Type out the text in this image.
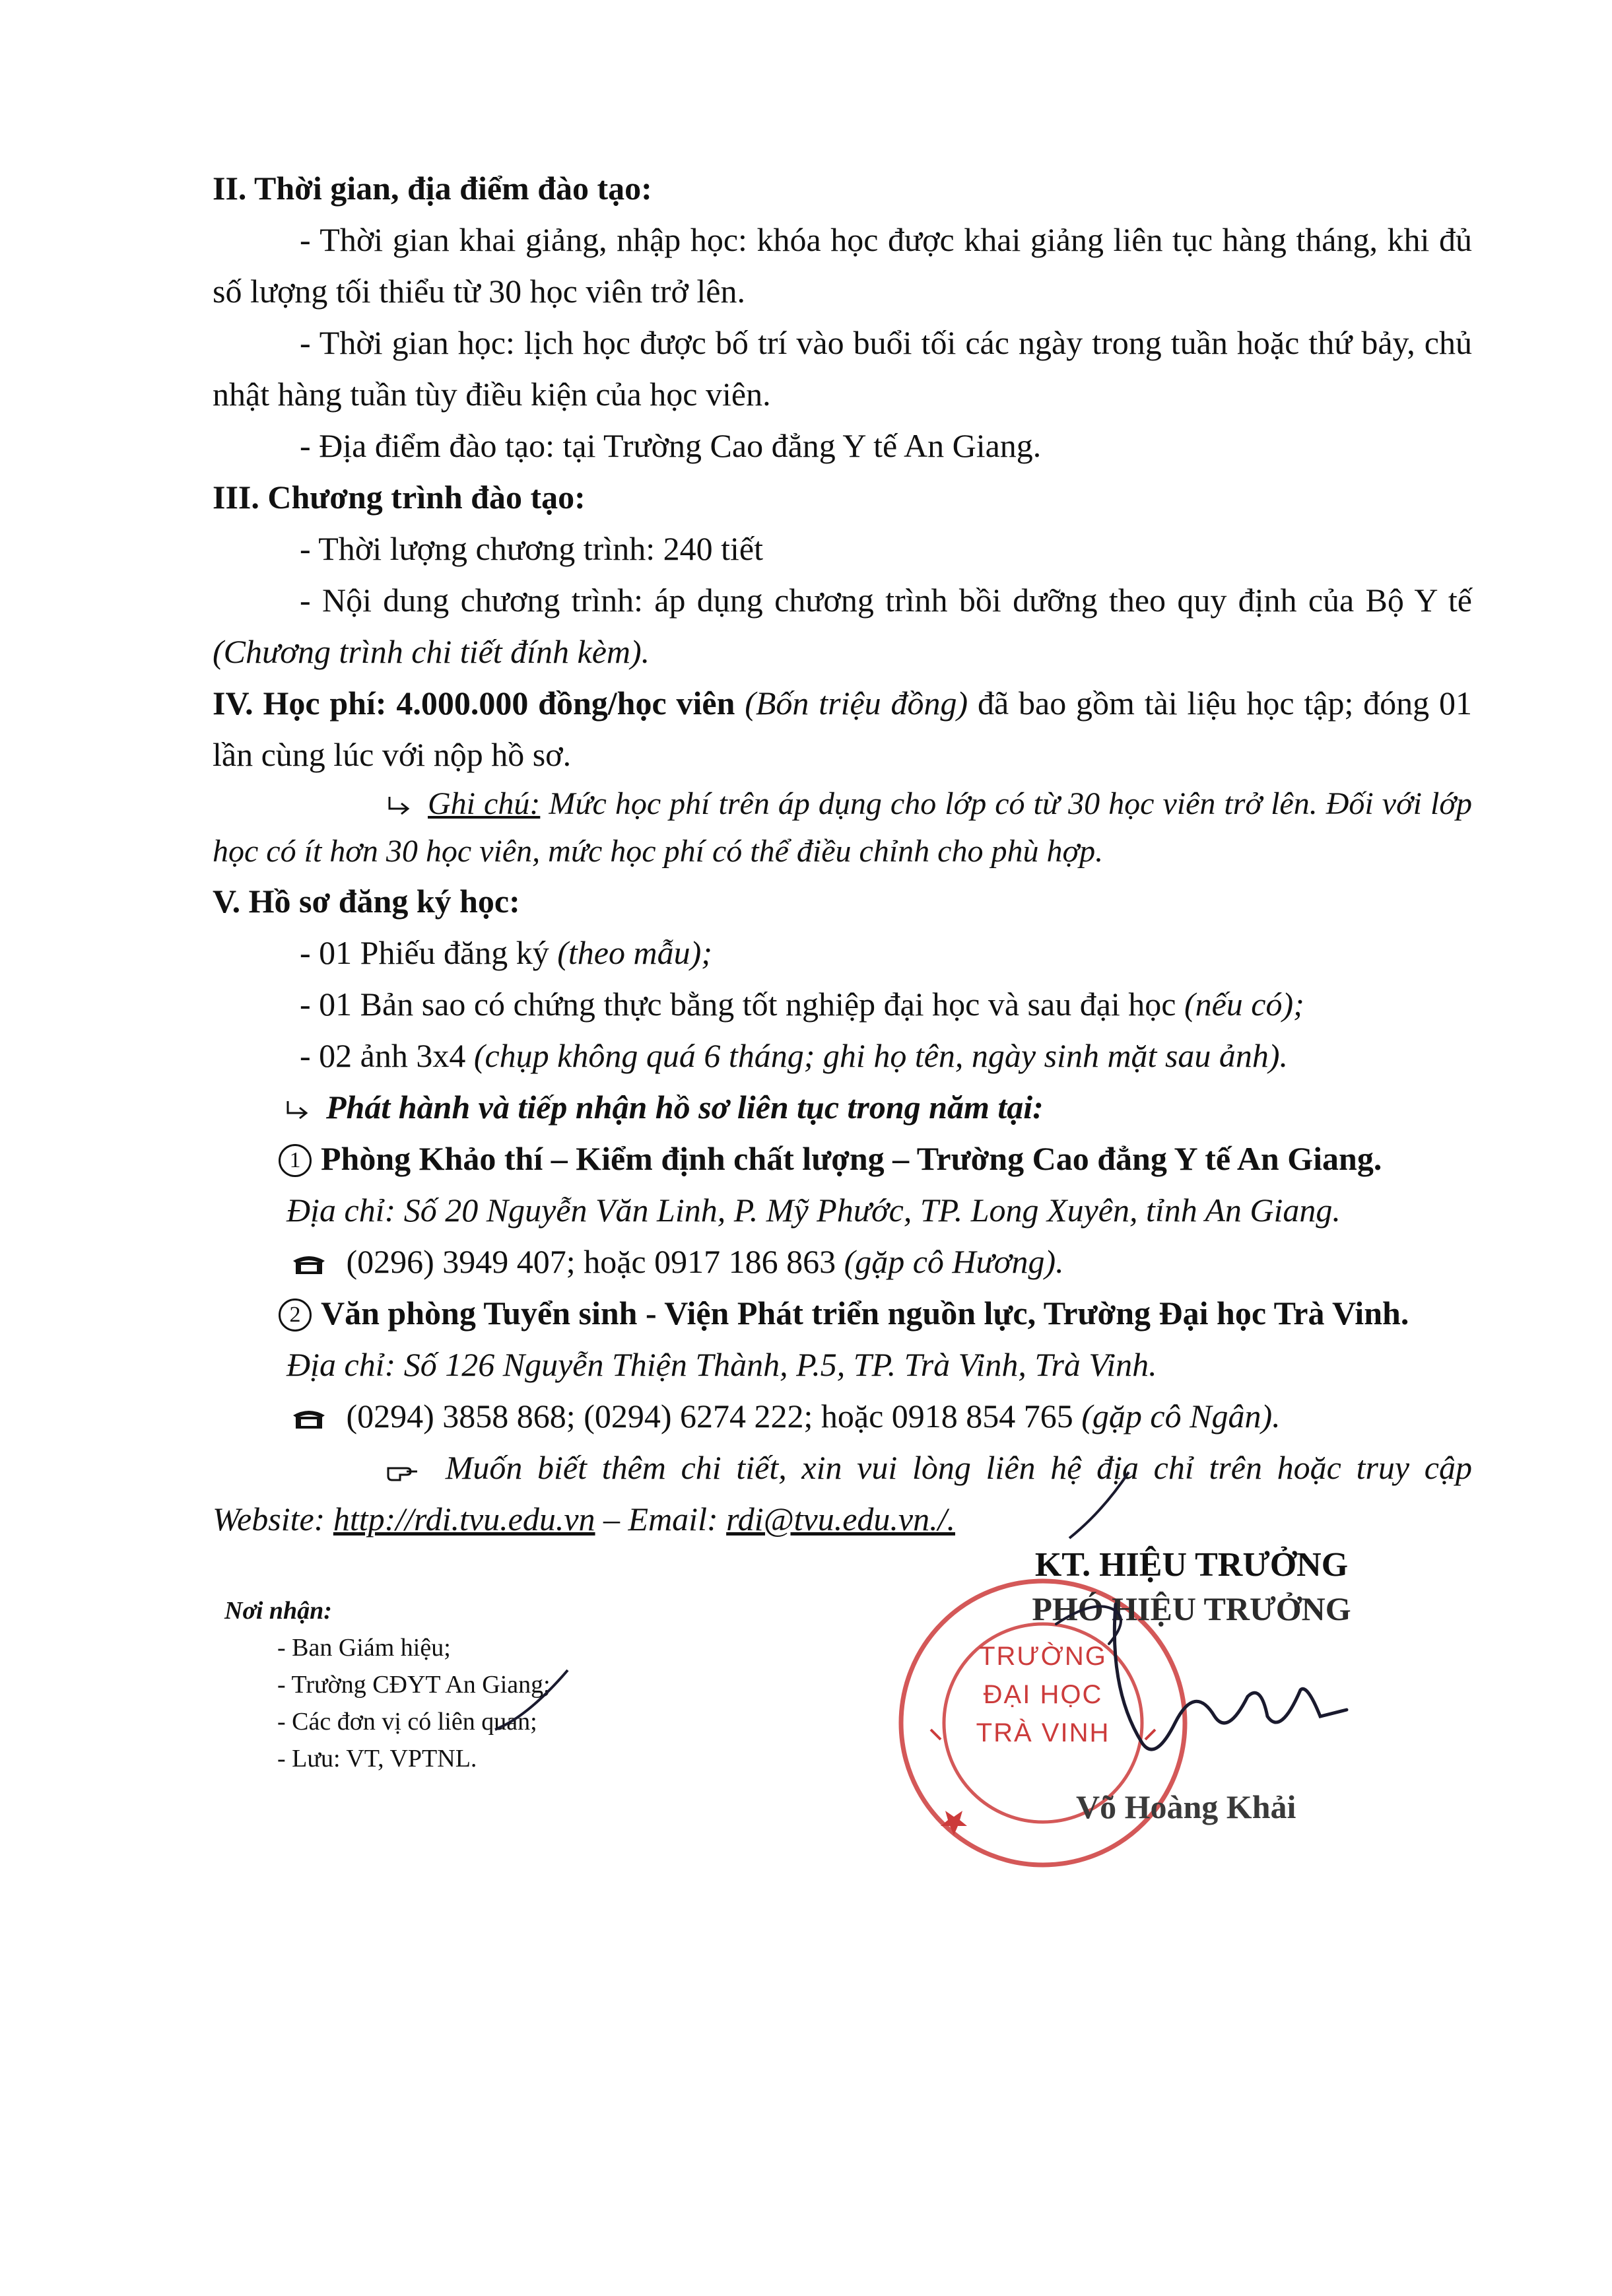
II. Thời gian, địa điểm đào tạo:

- Thời gian khai giảng, nhập học: khóa học được khai giảng liên tục hàng tháng, khi đủ số lượng tối thiểu từ 30 học viên trở lên.

- Thời gian học: lịch học được bố trí vào buổi tối các ngày trong tuần hoặc thứ bảy, chủ nhật hàng tuần tùy điều kiện của học viên.

- Địa điểm đào tạo: tại Trường Cao đẳng Y tế An Giang.

III. Chương trình đào tạo:

- Thời lượng chương trình: 240 tiết

- Nội dung chương trình: áp dụng chương trình bồi dưỡng theo quy định của Bộ Y tế (Chương trình chi tiết đính kèm).

IV. Học phí: 4.000.000 đồng/học viên (Bốn triệu đồng) đã bao gồm tài liệu học tập; đóng 01 lần cùng lúc với nộp hồ sơ.

Ghi chú: Mức học phí trên áp dụng cho lớp có từ 30 học viên trở lên. Đối với lớp học có ít hơn 30 học viên, mức học phí có thể điều chỉnh cho phù hợp.

V. Hồ sơ đăng ký học:

- 01 Phiếu đăng ký (theo mẫu);

- 01 Bản sao có chứng thực bằng tốt nghiệp đại học và sau đại học (nếu có);

- 02 ảnh 3x4 (chụp không quá 6 tháng; ghi họ tên, ngày sinh mặt sau ảnh).

Phát hành và tiếp nhận hồ sơ liên tục trong năm tại:

1 Phòng Khảo thí – Kiểm định chất lượng – Trường Cao đẳng Y tế An Giang.

Địa chỉ: Số 20 Nguyễn Văn Linh, P. Mỹ Phước, TP. Long Xuyên, tỉnh An Giang.

(0296) 3949 407; hoặc 0917 186 863 (gặp cô Hương).

2 Văn phòng Tuyển sinh - Viện Phát triển nguồn lực, Trường Đại học Trà Vinh.

Địa chỉ: Số 126 Nguyễn Thiện Thành, P.5, TP. Trà Vinh, Trà Vinh.

(0294) 3858 868; (0294) 6274 222; hoặc 0918 854 765 (gặp cô Ngân).

Muốn biết thêm chi tiết, xin vui lòng liên hệ địa chỉ trên hoặc truy cập Website: http://rdi.tvu.edu.vn – Email: rdi@tvu.edu.vn./.

Nơi nhận:
- Ban Giám hiệu;
- Trường CĐYT An Giang;
- Các đơn vị có liên quan;
- Lưu: VT, VPTNL.
TRƯỜNG
ĐẠI HỌC
TRÀ VINH
KT. HIỆU TRƯỞNG
PHÓ HIỆU TRƯỞNG
Võ Hoàng Khải
